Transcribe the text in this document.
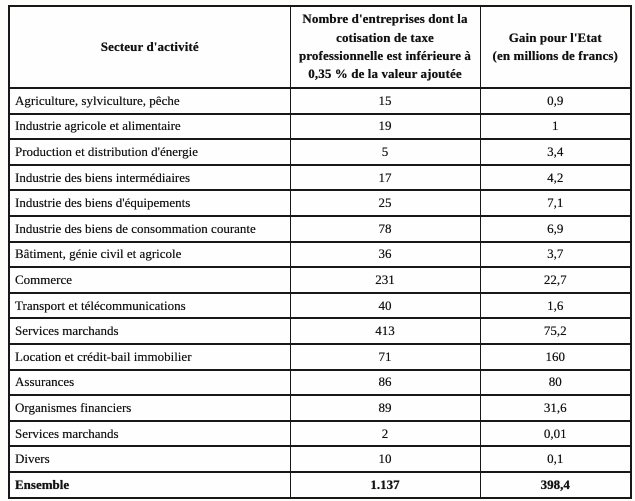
Secteur d'activité	Nombre d'entreprises dont la cotisation de taxe professionnelle est inférieure à 0,35 % de la valeur ajoutée	Gain pour l'Etat
(en millions de francs)
Agriculture, sylviculture, pêche	15	0,9
Industrie agricole et alimentaire	19	1
Production et distribution d'énergie	5	3,4
Industrie des biens intermédiaires	17	4,2
Industrie des biens d'équipements	25	7,1
Industrie des biens de consommation courante	78	6,9
Bâtiment, génie civil et agricole	36	3,7
Commerce	231	22,7
Transport et télécommunications	40	1,6
Services marchands	413	75,2
Location et crédit-bail immobilier	71	160
Assurances	86	80
Organismes financiers	89	31,6
Services marchands	2	0,01
Divers	10	0,1
Ensemble	1.137	398,4
